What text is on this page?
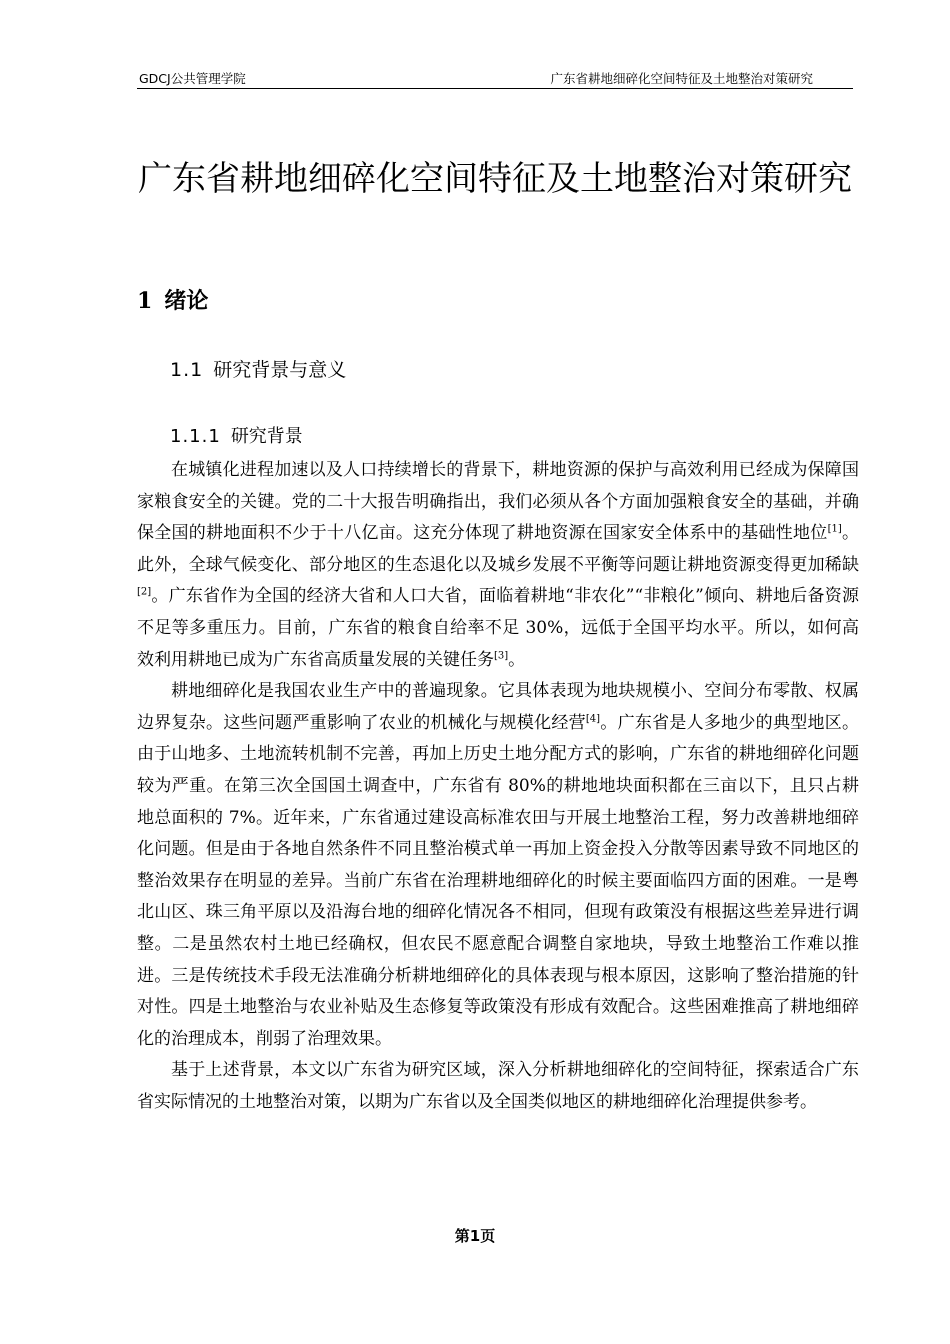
GDCJ公共管理学院	广东省耕地细碎化空间特征及土地整治对策研究
广东省耕地细碎化空间特征及土地整治对策研究
1 绪论
1.1 研究背景与意义
1.1.1 研究背景

在城镇化进程加速以及人口持续增长的背景下，耕地资源的保护与高效利用已经成为保障国家粮食安全的关键。党的二十大报告明确指出，我们必须从各个方面加强粮食安全的基础，并确保全国的耕地面积不少于十八亿亩。这充分体现了耕地资源在国家安全体系中的基础性地位[1]。此外，全球气候变化、部分地区的生态退化以及城乡发展不平衡等问题让耕地资源变得更加稀缺[2]。广东省作为全国的经济大省和人口大省，面临着耕地“非农化”“非粮化”倾向、耕地后备资源不足等多重压力。目前，广东省的粮食自给率不足 30%，远低于全国平均水平。所以，如何高效利用耕地已成为广东省高质量发展的关键任务[3]。

耕地细碎化是我国农业生产中的普遍现象。它具体表现为地块规模小、空间分布零散、权属边界复杂。这些问题严重影响了农业的机械化与规模化经营[4]。广东省是人多地少的典型地区。由于山地多、土地流转机制不完善，再加上历史土地分配方式的影响，广东省的耕地细碎化问题较为严重。在第三次全国国土调查中，广东省有 80%的耕地地块面积都在三亩以下，且只占耕地总面积的 7%。近年来，广东省通过建设高标准农田与开展土地整治工程，努力改善耕地细碎化问题。但是由于各地自然条件不同且整治模式单一再加上资金投入分散等因素导致不同地区的整治效果存在明显的差异。当前广东省在治理耕地细碎化的时候主要面临四方面的困难。一是粤北山区、珠三角平原以及沿海台地的细碎化情况各不相同，但现有政策没有根据这些差异进行调整。二是虽然农村土地已经确权，但农民不愿意配合调整自家地块，导致土地整治工作难以推进。三是传统技术手段无法准确分析耕地细碎化的具体表现与根本原因，这影响了整治措施的针对性。四是土地整治与农业补贴及生态修复等政策没有形成有效配合。这些困难推高了耕地细碎化的治理成本，削弱了治理效果。

基于上述背景，本文以广东省为研究区域，深入分析耕地细碎化的空间特征，探索适合广东省实际情况的土地整治对策，以期为广东省以及全国类似地区的耕地细碎化治理提供参考。

第1页
